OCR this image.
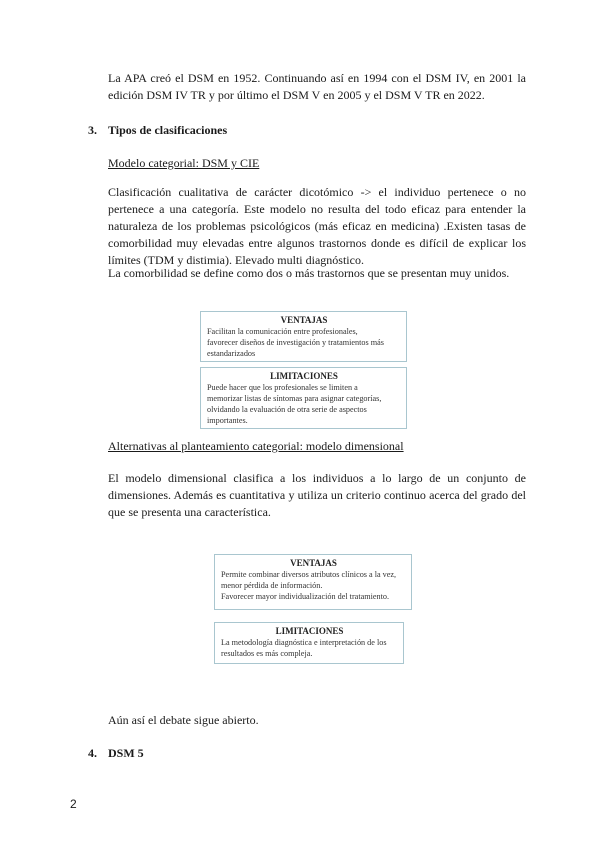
La APA creó el DSM en 1952. Continuando así en 1994 con el DSM IV, en 2001 la edición DSM IV TR y por último el DSM V en 2005 y el DSM V TR en 2022.

3. Tipos de clasificaciones
Modelo categorial: DSM y CIE

Clasificación cualitativa de carácter dicotómico -> el individuo pertenece o no pertenece a una categoría. Este modelo no resulta del todo eficaz para entender la naturaleza de los problemas psicológicos (más eficaz en medicina) .Existen tasas de comorbilidad muy elevadas entre algunos trastornos donde es difícil de explicar los límites (TDM y distimia). Elevado multi diagnóstico.

La comorbilidad se define como dos o más trastornos que se presentan muy unidos.

VENTAJAS
Facilitan la comunicación entre profesionales,
favorecer diseños de investigación y tratamientos más
estandarizados
LIMITACIONES
Puede hacer que los profesionales se limiten a
memorizar listas de síntomas para asignar categorías,
olvidando la evaluación de otra serie de aspectos
importantes.
Alternativas al planteamiento categorial: modelo dimensional

El modelo dimensional clasifica a los individuos a lo largo de un conjunto de dimensiones. Además es cuantitativa y utiliza un criterio continuo acerca del grado del que se presenta una característica.

VENTAJAS
Permite combinar diversos atributos clínicos a la vez,
menor pérdida de información.
Favorecer mayor individualización del tratamiento.
LIMITACIONES
La metodología diagnóstica e interpretación de los
resultados es más compleja.
Aún así el debate sigue abierto.
4. DSM 5
2
